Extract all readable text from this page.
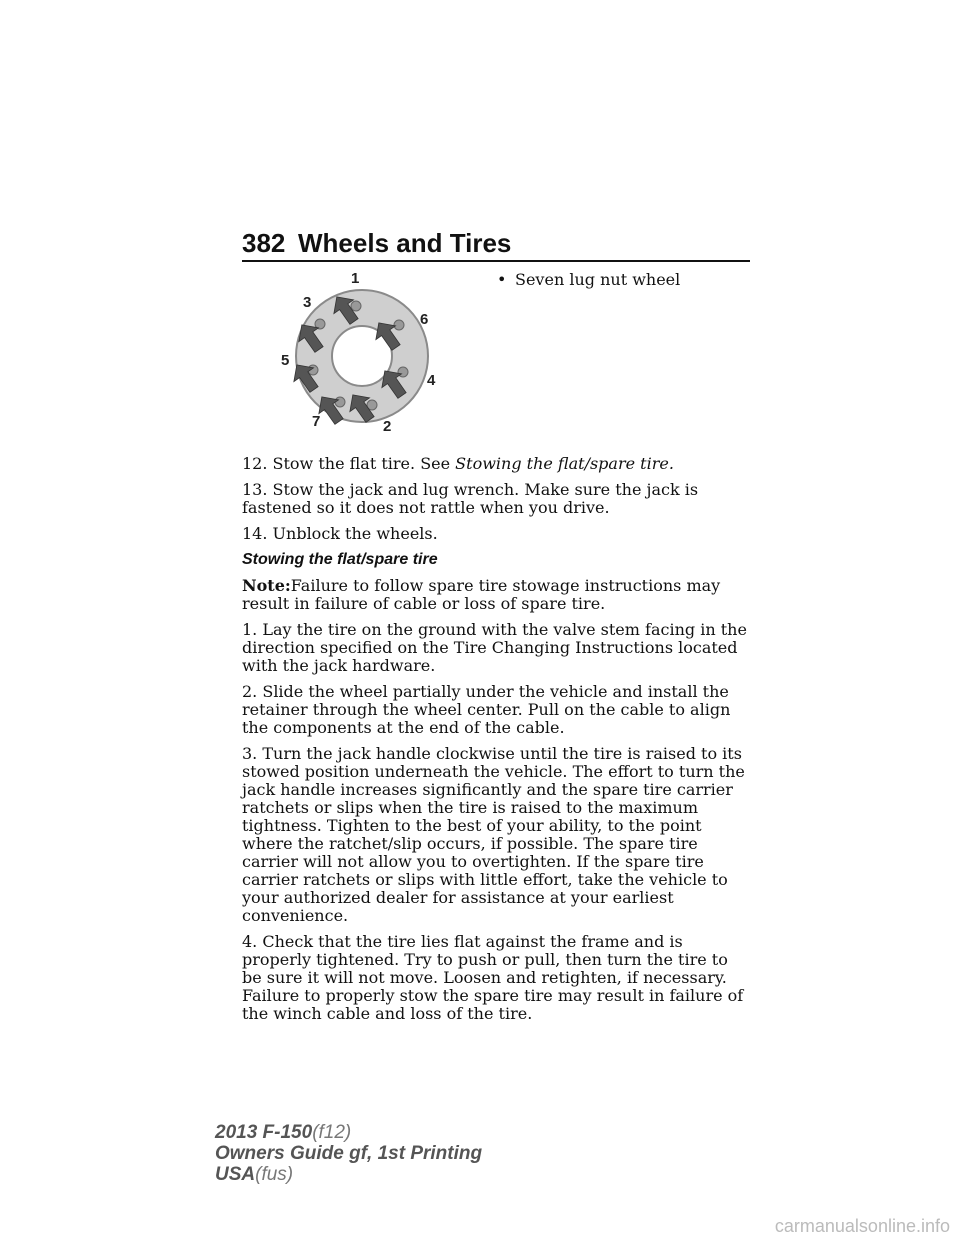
382 Wheels and Tires
1
3
6
5
4
7	2
• Seven lug nut wheel

12. Stow the flat tire. See Stowing the flat/spare tire.

13. Stow the jack and lug wrench. Make sure the jack is fastened so it does not rattle when you drive.

14. Unblock the wheels.

Stowing the flat/spare tire

Note:Failure to follow spare tire stowage instructions may result in failure of cable or loss of spare tire.

1. Lay the tire on the ground with the valve stem facing in the direction specified on the Tire Changing Instructions located with the jack hardware.

2. Slide the wheel partially under the vehicle and install the retainer through the wheel center. Pull on the cable to align the components at the end of the cable.

3. Turn the jack handle clockwise until the tire is raised to its stowed position underneath the vehicle. The effort to turn the jack handle increases significantly and the spare tire carrier ratchets or slips when the tire is raised to the maximum tightness. Tighten to the best of your ability, to the point where the ratchet/slip occurs, if possible. The spare tire carrier will not allow you to overtighten. If the spare tire carrier ratchets or slips with little effort, take the vehicle to your authorized dealer for assistance at your earliest convenience.

4. Check that the tire lies flat against the frame and is properly tightened. Try to push or pull, then turn the tire to be sure it will not move. Loosen and retighten, if necessary. Failure to properly stow the spare tire may result in failure of the winch cable and loss of the tire.

2013 F-150(f12)
Owners Guide gf, 1st Printing
USA(fus)
carmanualsonline.info
